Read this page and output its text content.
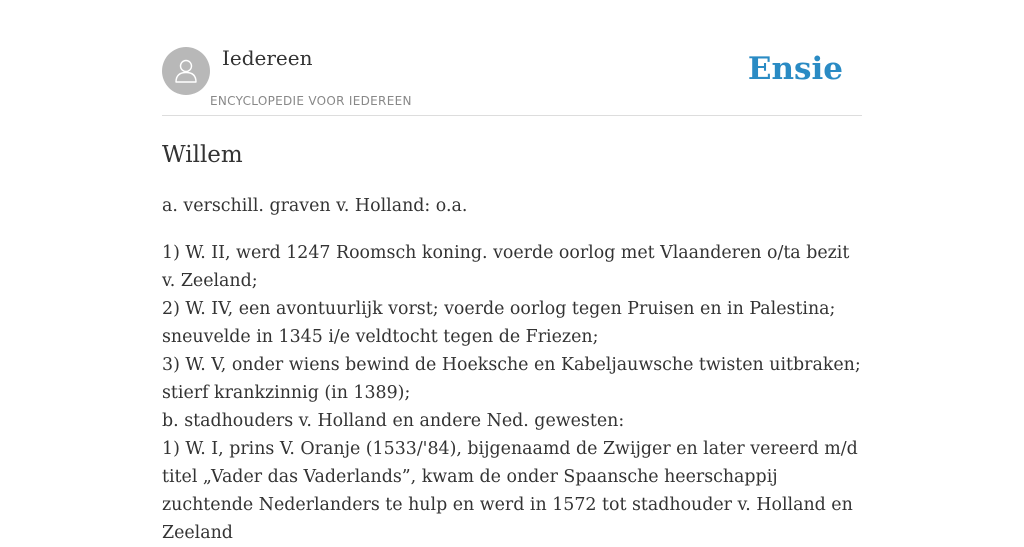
Iedereen
ENCYCLOPEDIE VOOR IEDEREEN
Ensie
Willem

a. verschill. graven v. Holland: o.a.

1) W. II, werd 1247 Roomsch koning. voerde oorlog met Vlaanderen o/ta bezit v. Zeeland;

2) W. IV, een avontuurlijk vorst; voerde oorlog tegen Pruisen en in Palestina; sneuvelde in 1345 i/e veldtocht tegen de Friezen;

3) W. V, onder wiens bewind de Hoeksche en Kabeljauwsche twisten uitbraken; stierf krankzinnig (in 1389);

b. stadhouders v. Holland en andere Ned. gewesten:

1) W. I, prins V. Oranje (1533/'84), bijgenaamd de Zwijger en later vereerd m/d titel „Vader das Vaderlands”, kwam de onder Spaansche heerschappij zuchtende Nederlanders te hulp en werd in 1572 tot stadhouder v. Holland en Zeeland
